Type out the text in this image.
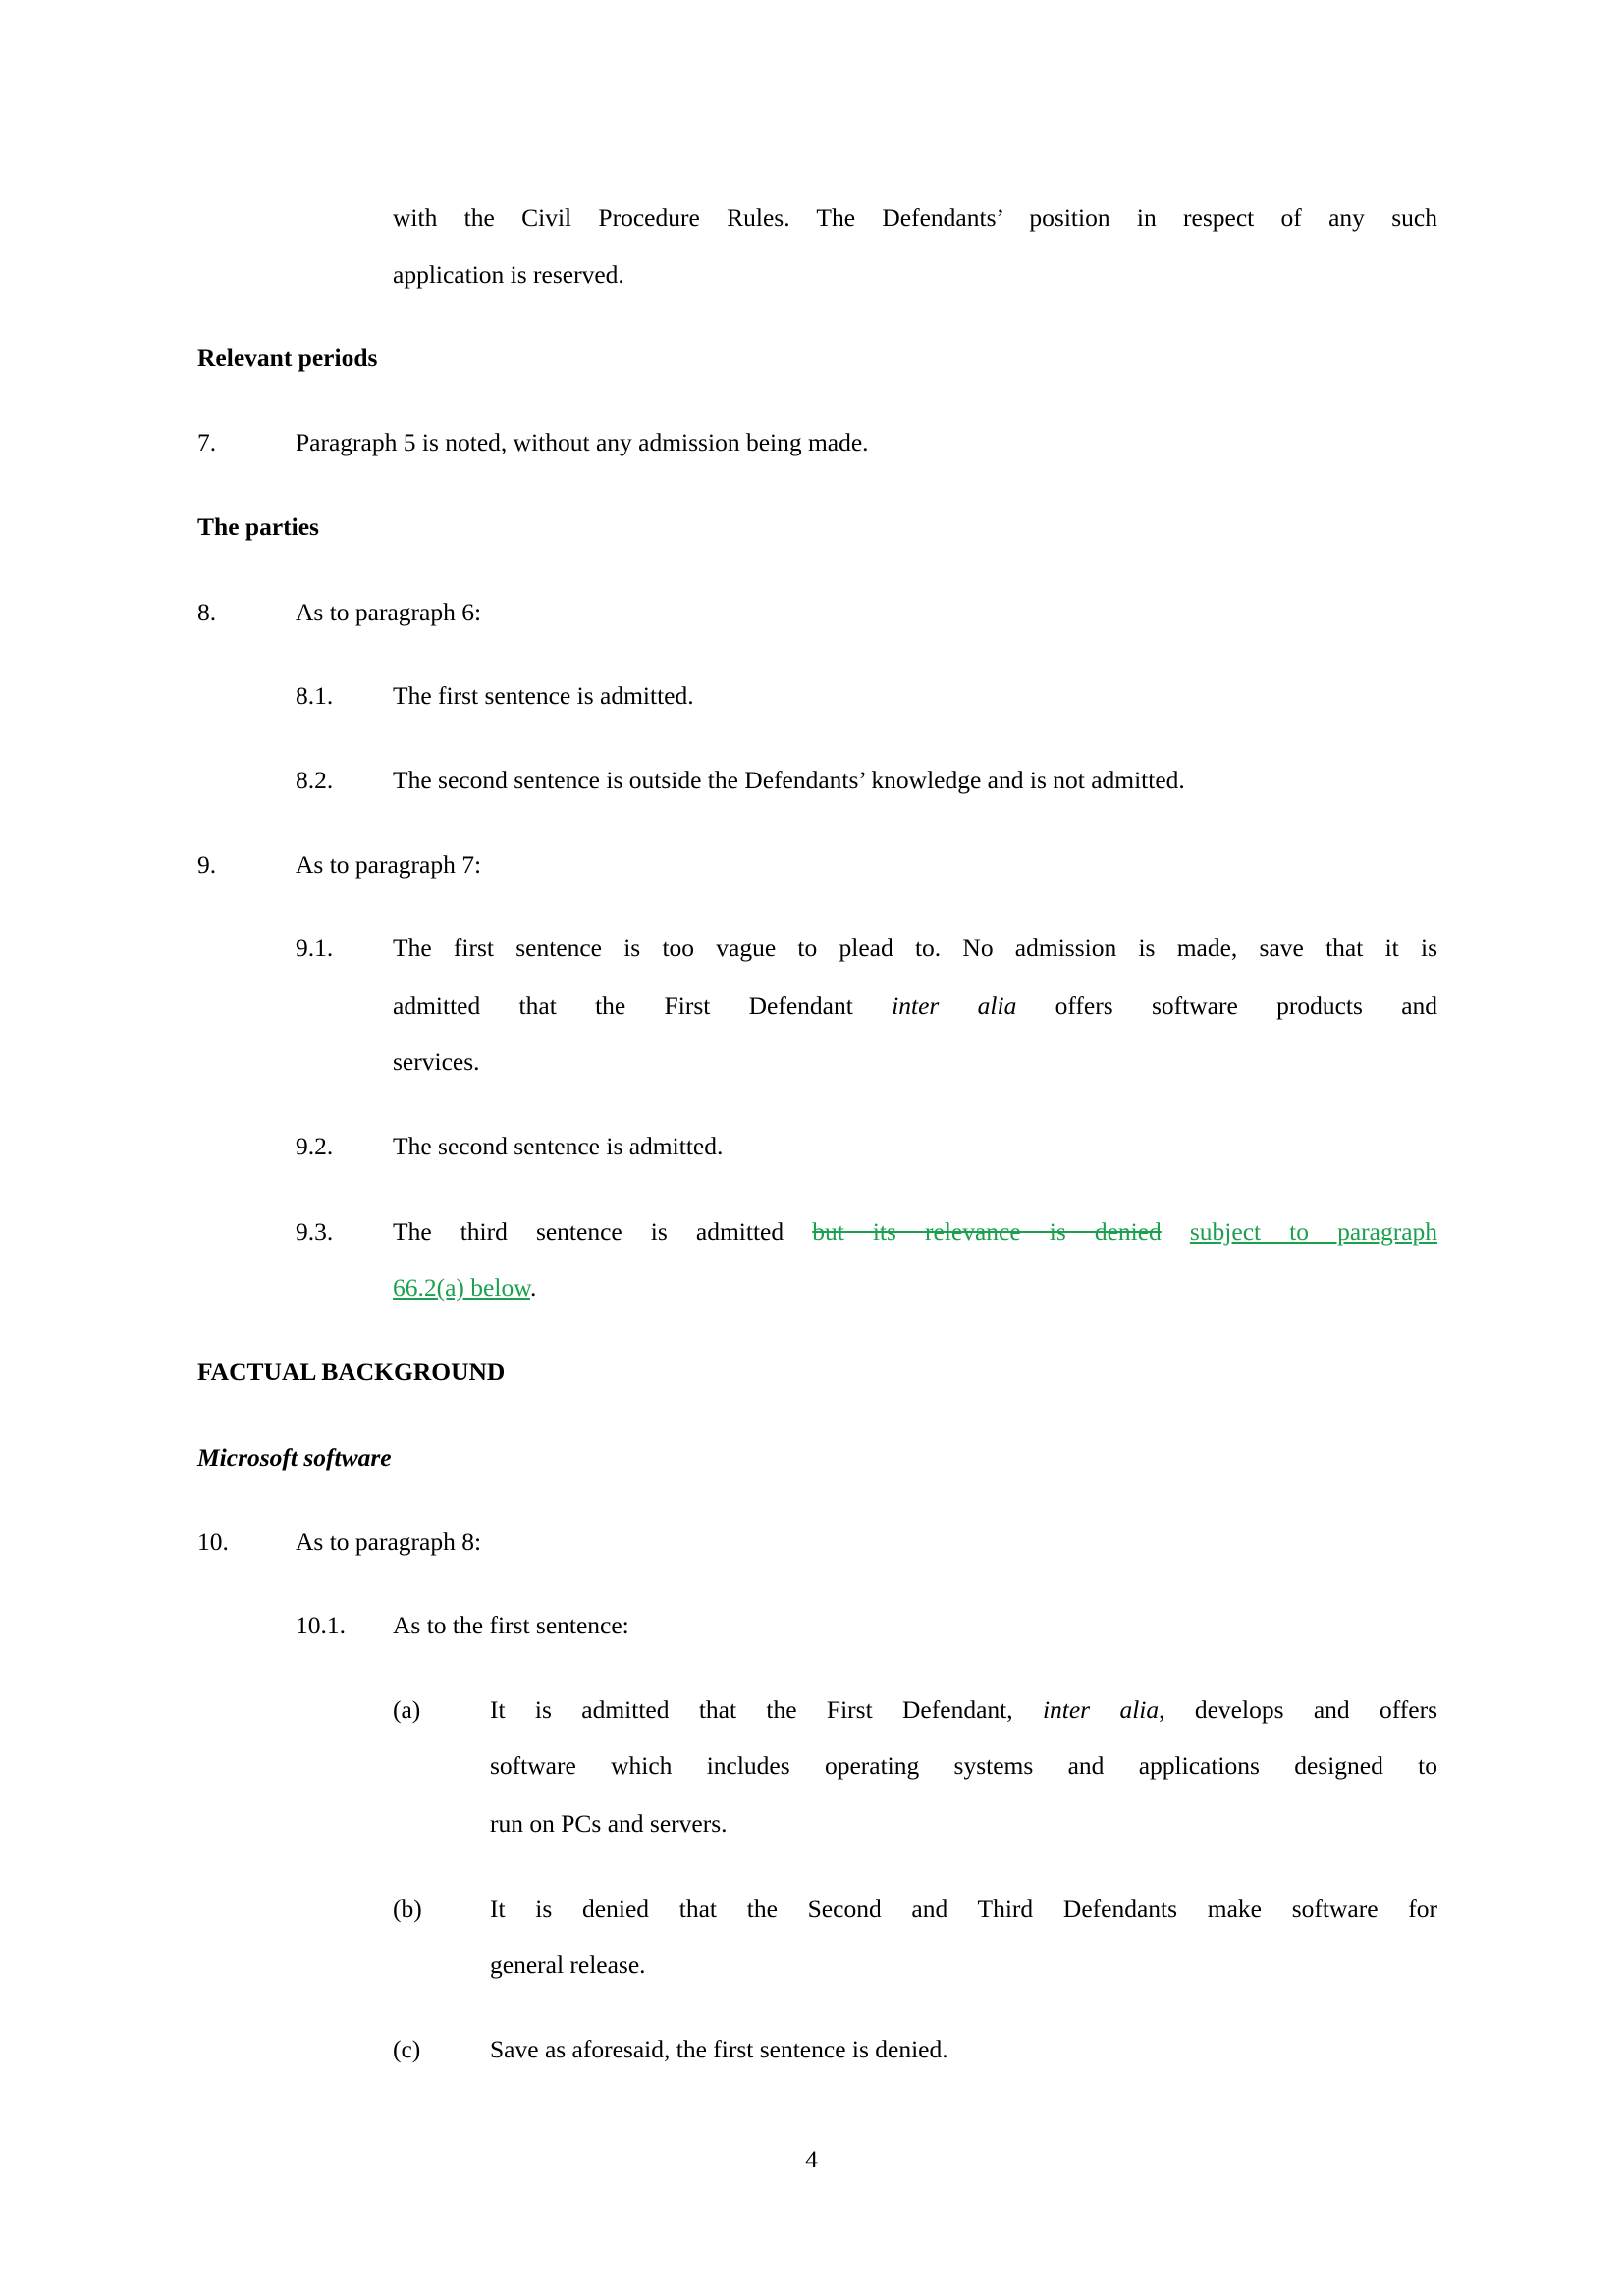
with the Civil Procedure Rules. The Defendants’ position in respect of any such
application is reserved.
Relevant periods
7.	Paragraph 5 is noted, without any admission being made.
The parties
8.	As to paragraph 6:
8.1. The first sentence is admitted.
8.2. The second sentence is outside the Defendants’ knowledge and is not admitted.
9.	As to paragraph 7:
9.1. The first sentence is too vague to plead to. No admission is made, save that it is
admitted that the First Defendant inter alia offers software products and
services.
9.2. The second sentence is admitted.
9.3. The third sentence is admitted but its relevance is denied subject to paragraph
66.2(a) below.
FACTUAL BACKGROUND
Microsoft software
10.	As to paragraph 8:
10.1. As to the first sentence:
(a)	It is admitted that the First Defendant, inter alia, develops and offers
software which includes operating systems and applications designed to
run on PCs and servers.
(b)	It is denied that the Second and Third Defendants make software for
general release.
(c)	Save as aforesaid, the first sentence is denied.
4
